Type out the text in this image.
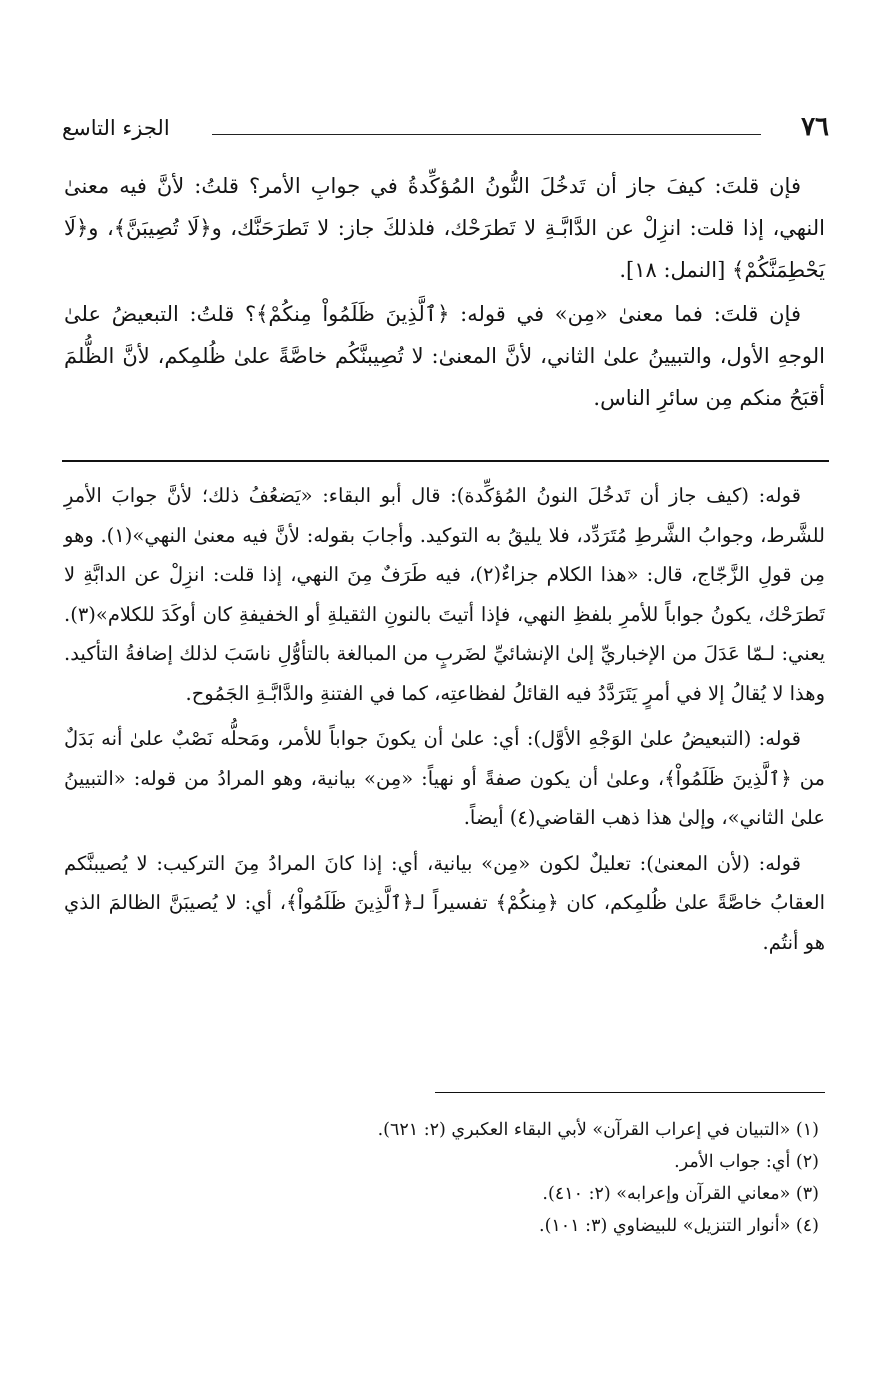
٧٦
الجزء التاسع

فإن قلتَ: كيفَ جاز أن تَدخُلَ النُّونُ المُؤكِّدةُ في جوابِ الأمر؟ قلتُ: لأنَّ فيه معنىٰ النهي، إذا قلت: انزِلْ عن الدَّابَّـةِ لا تَطرَحْك، فلذلكَ جاز: لا تَطرَحَنَّك، و﴿لَا تُصِيبَنَّ﴾، و﴿لَا يَحْطِمَنَّكُمْ﴾ [النمل: ١٨].

فإن قلتَ: فما معنىٰ «مِن» في قوله: ﴿ٱلَّذِينَ ظَلَمُواْ مِنكُمْ﴾؟ قلتُ: التبعيضُ علىٰ الوجهِ الأول، والتبيينُ علىٰ الثاني، لأنَّ المعنىٰ: لا تُصِيبنَّكُم خاصَّةً علىٰ ظُلمِكم، لأنَّ الظُّلمَ أقبَحُ منكم مِن سائرِ الناس.

قوله: (كيف جاز أن تَدخُلَ النونُ المُؤكِّدة): قال أبو البقاء: «يَضعُفُ ذلك؛ لأنَّ جوابَ الأمرِ للشَّرط، وجوابُ الشَّرطِ مُتَرَدِّد، فلا يليقُ به التوكيد. وأجابَ بقوله: لأنَّ فيه معنىٰ النهي»(١). وهو مِن قولِ الزَّجّاج، قال: «هذا الكلام جزاءٌ(٢)، فيه طَرَفٌ مِنَ النهي، إذا قلت: انزِلْ عن الدابَّةِ لا تَطرَحْك، يكونُ جواباً للأمرِ بلفظِ النهي، فإذا أتيتَ بالنونِ الثقيلةِ أو الخفيفةِ كان أوكَدَ للكلام»(٣). يعني: لـمّا عَدَلَ من الإخباريِّ إلىٰ الإنشائيِّ لضَربٍ من المبالغة بالتأوُّلِ ناسَبَ لذلك إضافةُ التأكيد. وهذا لا يُقالُ إلا في أمرٍ يَتَرَدَّدُ فيه القائلُ لفظاعتِه، كما في الفتنةِ والدَّابَّـةِ الجَمُوح.

قوله: (التبعيضُ علىٰ الوَجْهِ الأوَّل): أي: علىٰ أن يكونَ جواباً للأمر، ومَحلُّه نَصْبٌ علىٰ أنه بَدَلٌ من ﴿ٱلَّذِينَ ظَلَمُواْ﴾، وعلىٰ أن يكون صفةً أو نهياً: «مِن» بيانية، وهو المرادُ من قوله: «التبيينُ علىٰ الثاني»، وإلىٰ هذا ذهب القاضي(٤) أيضاً.

قوله: (لأن المعنىٰ): تعليلٌ لكون «مِن» بيانية، أي: إذا كانَ المرادُ مِنَ التركيب: لا يُصيبنَّكم العقابُ خاصَّةً علىٰ ظُلمِكم، كان ﴿مِنكُمْ﴾ تفسيراً لـ﴿ٱلَّذِينَ ظَلَمُواْ﴾، أي: لا يُصيبَنَّ الظالمَ الذي هو أنتُم.

(١) «التبيان في إعراب القرآن» لأبي البقاء العكبري (٢: ٦٢١).
(٢) أي: جواب الأمر.
(٣) «معاني القرآن وإعرابه» (٢: ٤١٠).
(٤) «أنوار التنزيل» للبيضاوي (٣: ١٠١).
